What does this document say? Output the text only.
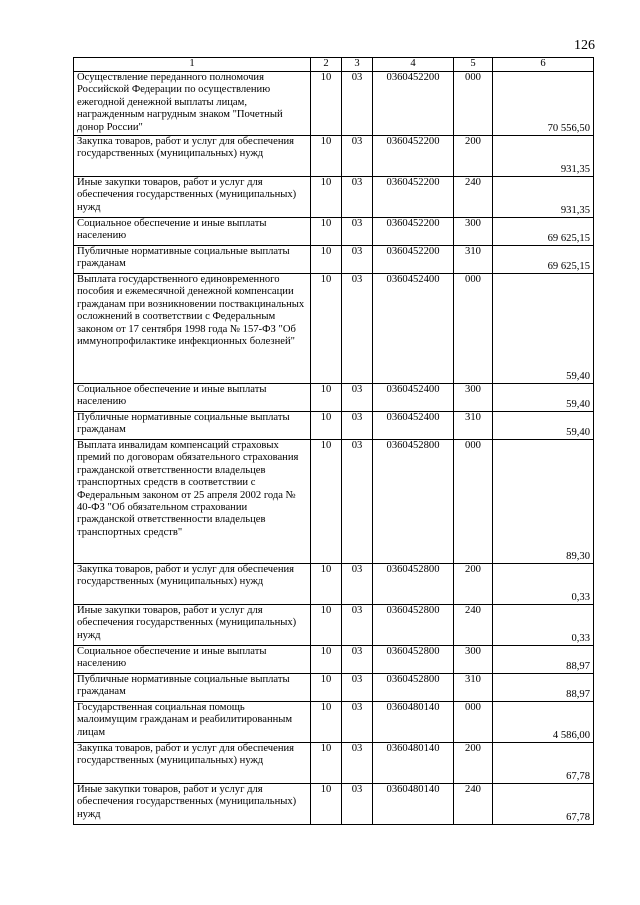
126
1	2	3	4	5	6
Осуществление переданного полномочия Российской Федерации по осуществлению ежегодной денежной выплаты лицам, награжденным нагрудным знаком "Почетный донор России"	10	03	0360452200	000	70 556,50
Закупка товаров, работ и услуг для обеспечения государственных (муниципальных) нужд	10	03	0360452200	200	931,35
Иные закупки товаров, работ и услуг для обеспечения государственных (муниципальных) нужд	10	03	0360452200	240	931,35
Социальное обеспечение и иные выплаты населению	10	03	0360452200	300	69 625,15
Публичные нормативные социальные выплаты гражданам	10	03	0360452200	310	69 625,15
Выплата государственного единовременного пособия и ежемесячной денежной компенсации гражданам при возникновении поствакцинальных осложнений в соответствии с Федеральным законом от 17 сентября 1998 года № 157-ФЗ "Об иммунопрофилактике инфекционных болезней"	10	03	0360452400	000	59,40
Социальное обеспечение и иные выплаты населению	10	03	0360452400	300	59,40
Публичные нормативные социальные выплаты гражданам	10	03	0360452400	310	59,40
Выплата инвалидам компенсаций страховых премий по договорам обязательного страхования гражданской ответственности владельцев транспортных средств в соответствии с Федеральным законом от 25 апреля 2002 года № 40-ФЗ "Об обязательном страховании гражданской ответственности владельцев транспортных средств"	10	03	0360452800	000	89,30
Закупка товаров, работ и услуг для обеспечения государственных (муниципальных) нужд	10	03	0360452800	200	0,33
Иные закупки товаров, работ и услуг для обеспечения государственных (муниципальных) нужд	10	03	0360452800	240	0,33
Социальное обеспечение и иные выплаты населению	10	03	0360452800	300	88,97
Публичные нормативные социальные выплаты гражданам	10	03	0360452800	310	88,97
Государственная социальная помощь малоимущим гражданам и реабилитированным лицам	10	03	0360480140	000	4 586,00
Закупка товаров, работ и услуг для обеспечения государственных (муниципальных) нужд	10	03	0360480140	200	67,78
Иные закупки товаров, работ и услуг для обеспечения государственных (муниципальных) нужд	10	03	0360480140	240	67,78
